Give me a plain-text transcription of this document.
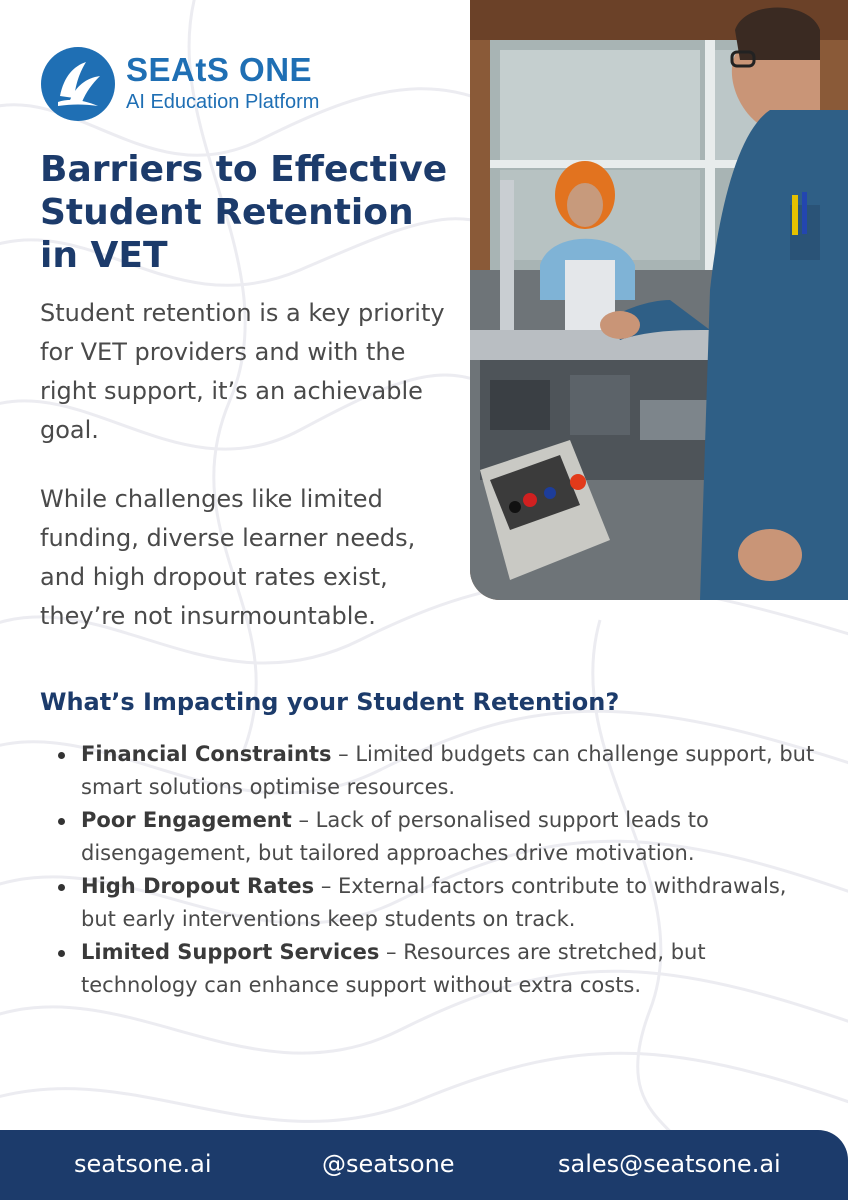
SEAtS ONE
AI Education Platform
Barriers to Effective Student Retention in VET

Student retention is a key priority for VET providers and with the right support, it’s an achievable goal.

While challenges like limited funding, diverse learner needs, and high dropout rates exist, they’re not insurmountable.

What’s Impacting your Student Retention?
Financial Constraints – Limited budgets can challenge support, but smart solutions optimise resources.
Poor Engagement – Lack of personalised support leads to disengagement, but tailored approaches drive motivation.
High Dropout Rates – External factors contribute to withdrawals, but early interventions keep students on track.
Limited Support Services – Resources are stretched, but technology can enhance support without extra costs.
seatsone.ai	@seatsone	sales@seatsone.ai
